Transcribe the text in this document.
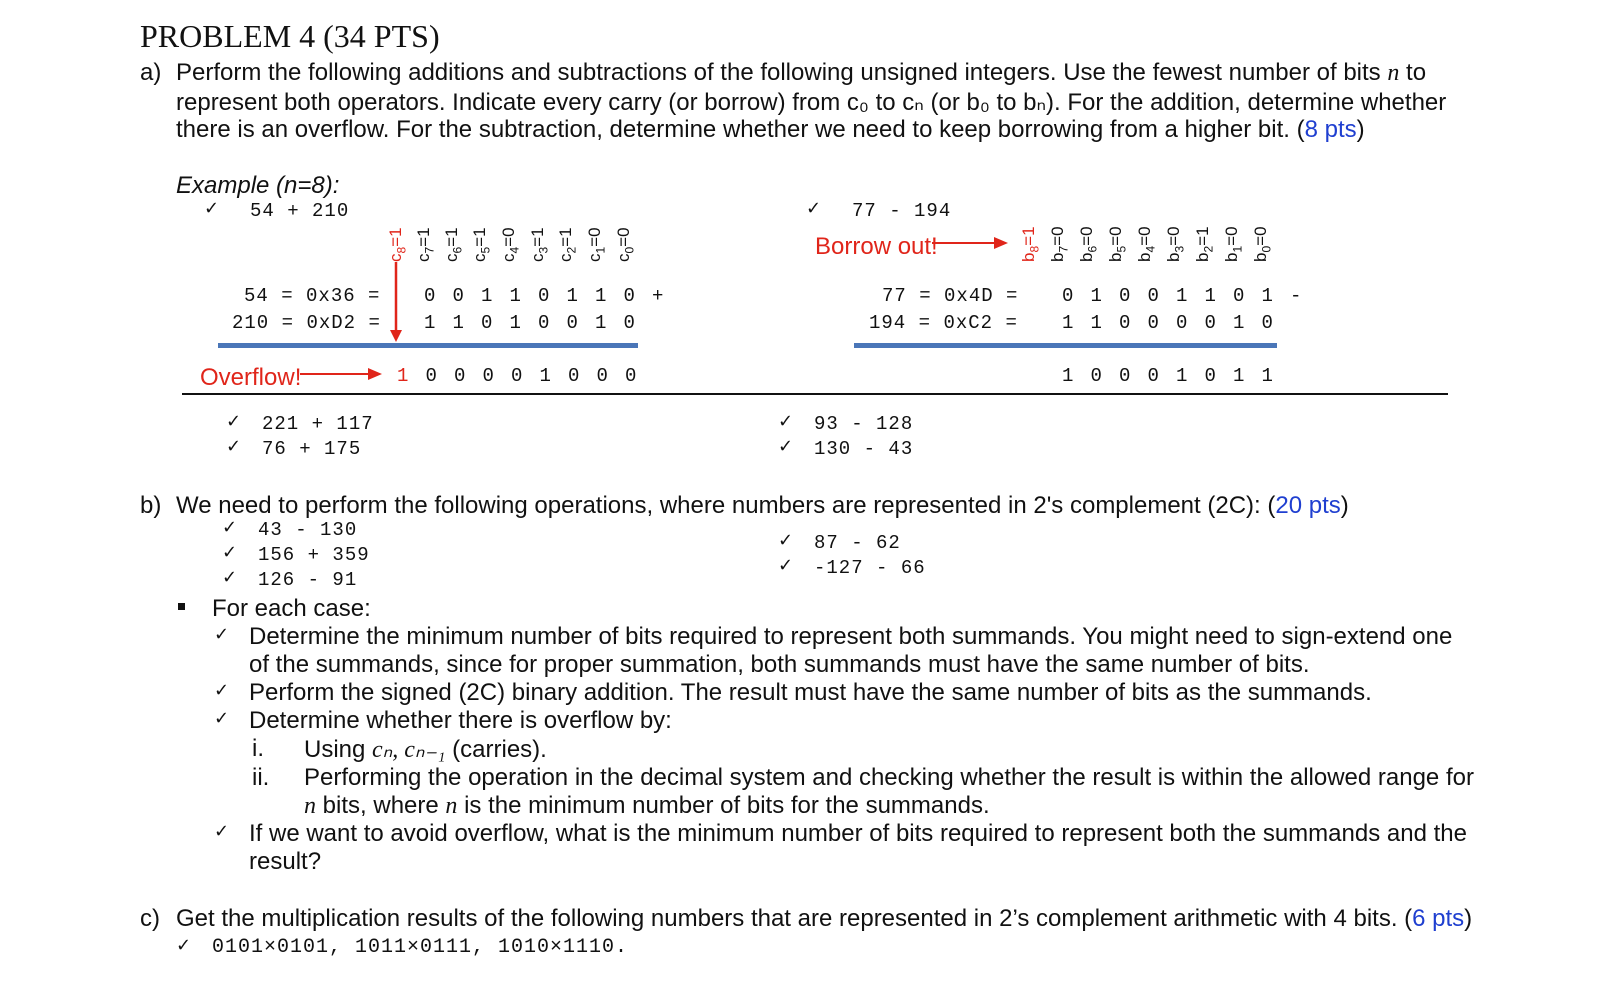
PROBLEM 4 (34 PTS)
a) Perform the following additions and subtractions of the following unsigned integers. Use the fewest number of bits n to
represent both operators. Indicate every carry (or borrow) from c₀ to cₙ (or b₀ to bₙ). For the addition, determine whether
there is an overflow. For the subtraction, determine whether we need to keep borrowing from a higher bit. (8 pts)
Example (n=8):
✓ 54 + 210
$c_8=1$
$c_7=1$
$c_6=1$
$c_5=1$
$c_4=0$
$c_3=1$
$c_2=1$
$c_1=0$
$c_0=0$
54 = 0x36 = 0 0 1 1 0 1 1 0 +
210 = 0xD2 = 1 1 0 1 0 0 1 0
Overflow!	1 0 0 0 0 1 0 0 0
✓ 77 - 194
Borrow out!	$b_8=1$
$b_7=0$
$b_6=0$
$b_5=0$
$b_4=0$
$b_3=0$
$b_2=1$
$b_1=0$
$b_0=0$
77 = 0x4D = 0 1 0 0 1 1 0 1 -
194 = 0xC2 = 1 1 0 0 0 0 1 0
1 0 0 0 1 0 1 1
✓ 221 + 117
✓ 76 + 175
✓ 93 - 128
✓ 130 - 43
b) We need to perform the following operations, where numbers are represented in 2's complement (2C): (20 pts)
✓ 43 - 130
✓ 156 + 359
✓ 126 - 91
✓ 87 - 62
✓ -127 - 66
For each case:
✓ Determine the minimum number of bits required to represent both summands. You might need to sign-extend one
of the summands, since for proper summation, both summands must have the same number of bits.
✓ Perform the signed (2C) binary addition. The result must have the same number of bits as the summands.
✓ Determine whether there is overflow by:
i. Using cₙ, cₙ₋₁ (carries).
ii. Performing the operation in the decimal system and checking whether the result is within the allowed range for
n bits, where n is the minimum number of bits for the summands.
✓ If we want to avoid overflow, what is the minimum number of bits required to represent both the summands and the
result?
c) Get the multiplication results of the following numbers that are represented in 2’s complement arithmetic with 4 bits. (6 pts)
✓ 0101×0101, 1011×0111, 1010×1110.
